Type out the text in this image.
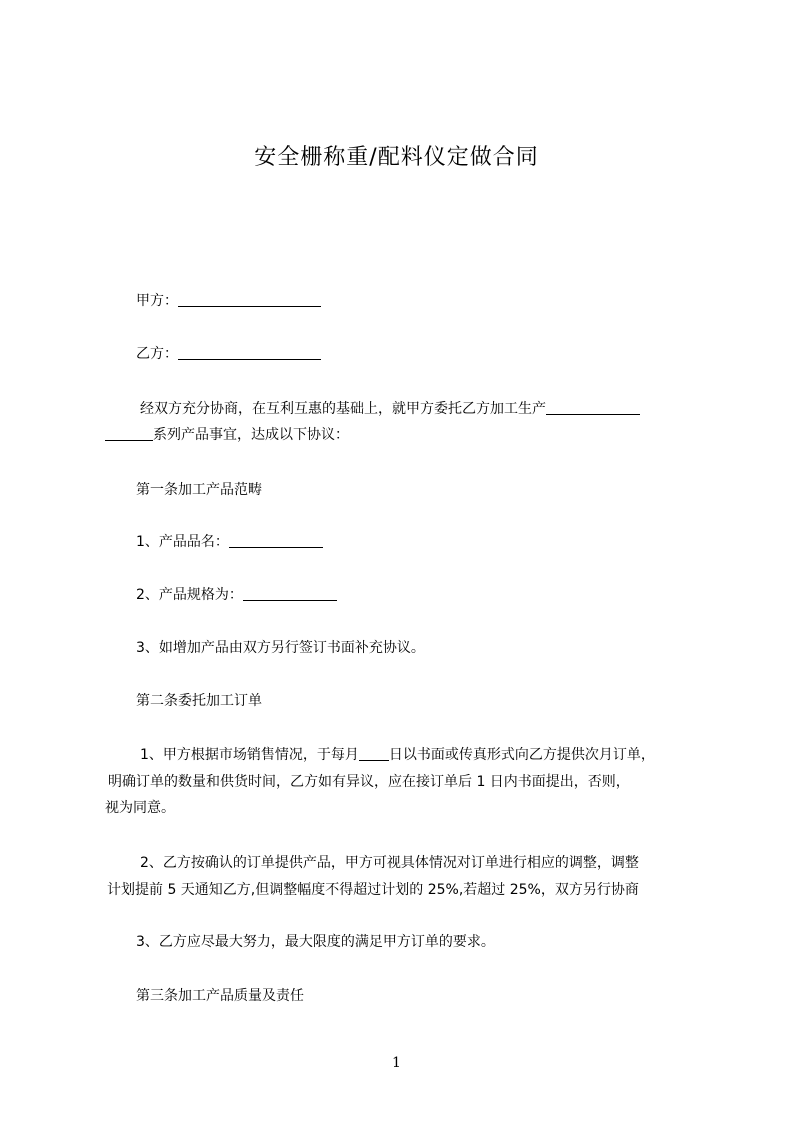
安全栅称重/配料仪定做合同
甲方：
乙方：
经双方充分协商，在互利互惠的基础上，就甲方委托乙方加工生产
系列产品事宜，达成以下协议：
第一条加工产品范畴
1、产品品名：
2、产品规格为：
3、如增加产品由双方另行签订书面补充协议。
第二条委托加工订单
1、甲方根据市场销售情况，于每月 日以书面或传真形式向乙方提供次月订单，
明确订单的数量和供货时间，乙方如有异议，应在接订单后 1 日内书面提出，否则，
视为同意。
2、乙方按确认的订单提供产品，甲方可视具体情况对订单进行相应的调整，调整
计划提前 5 天通知乙方,但调整幅度不得超过计划的 25%,若超过 25%，双方另行协商
3、乙方应尽最大努力，最大限度的满足甲方订单的要求。
第三条加工产品质量及责任
1
